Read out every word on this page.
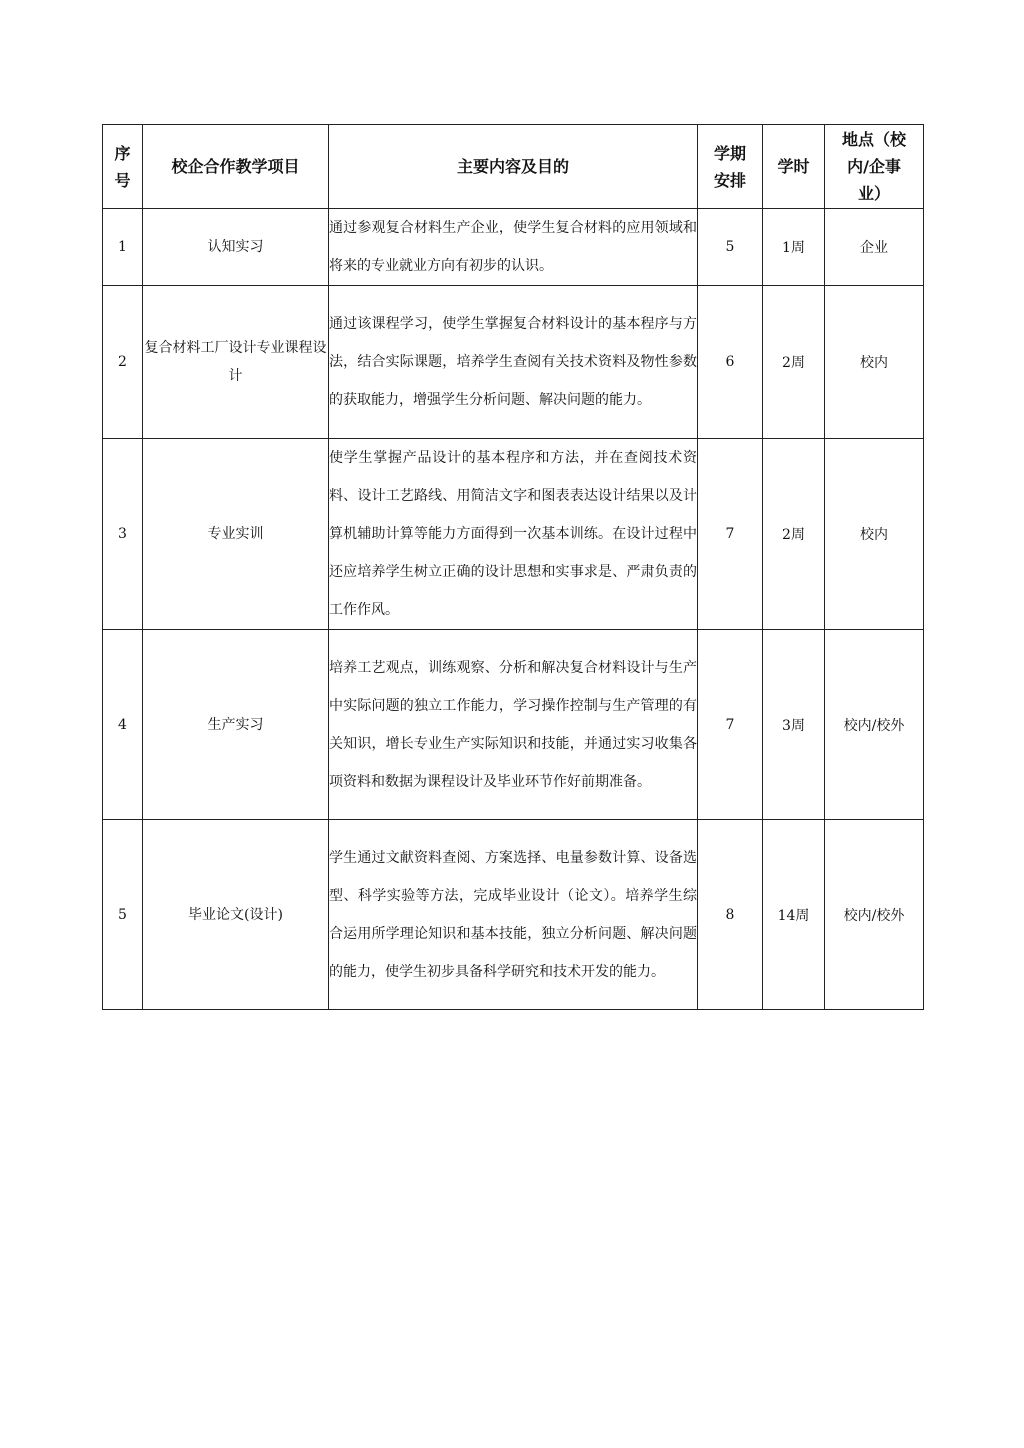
序号	校企合作教学项目	主要内容及目的	学期安排	学时	地点（校内/企事业）

1	认知实习	通过参观复合材料生产企业，使学生复合材料的应用领域和将来的专业就业方向有初步的认识。	5	1周	企业
2	复合材料工厂设计专业课程设计	通过该课程学习，使学生掌握复合材料设计的基本程序与方法，结合实际课题，培养学生查阅有关技术资料及物性参数的获取能力，增强学生分析问题、解决问题的能力。	6	2周	校内
3	专业实训	使学生掌握产品设计的基本程序和方法，并在查阅技术资料、设计工艺路线、用简洁文字和图表表达设计结果以及计算机辅助计算等能力方面得到一次基本训练。在设计过程中还应培养学生树立正确的设计思想和实事求是、严肃负责的工作作风。	7	2周	校内
4	生产实习	培养工艺观点，训练观察、分析和解决复合材料设计与生产中实际问题的独立工作能力，学习操作控制与生产管理的有关知识，增长专业生产实际知识和技能，并通过实习收集各项资料和数据为课程设计及毕业环节作好前期准备。	7	3周	校内/校外
5	毕业论文(设计)	学生通过文献资料查阅、方案选择、电量参数计算、设备选型、科学实验等方法，完成毕业设计（论文）。培养学生综合运用所学理论知识和基本技能，独立分析问题、解决问题的能力，使学生初步具备科学研究和技术开发的能力。	8	14周	校内/校外
